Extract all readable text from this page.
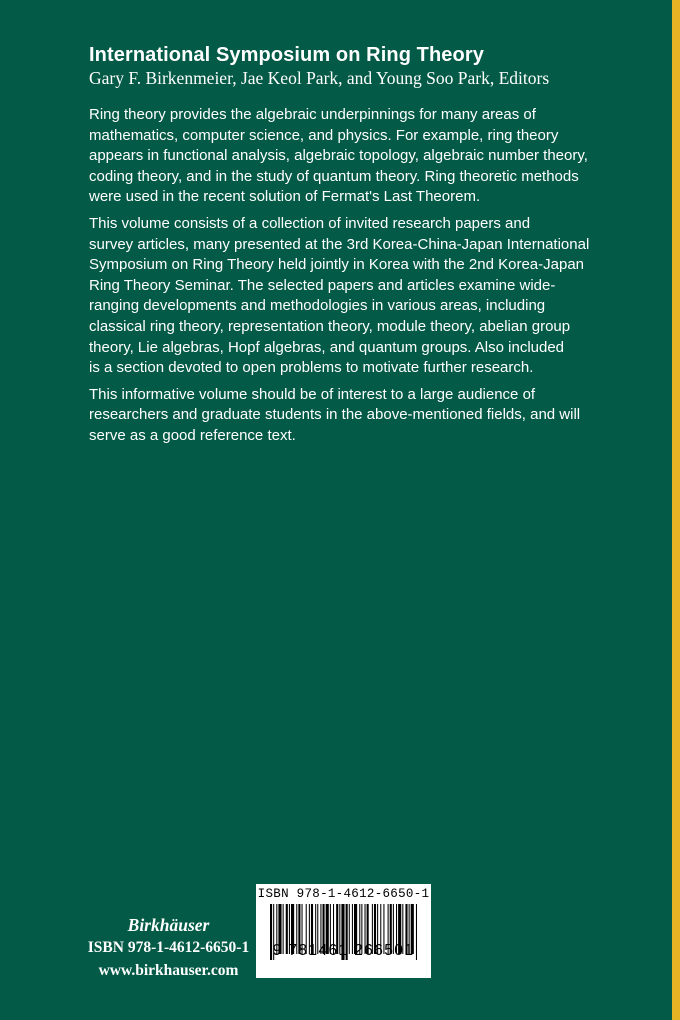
International Symposium on Ring Theory
Gary F. Birkenmeier, Jae Keol Park, and Young Soo Park, Editors

Ring theory provides the algebraic underpinnings for many areas of
mathematics, computer science, and physics. For example, ring theory
appears in functional analysis, algebraic topology, algebraic number theory,
coding theory, and in the study of quantum theory. Ring theoretic methods
were used in the recent solution of Fermat's Last Theorem.

This volume consists of a collection of invited research papers and
survey articles, many presented at the 3rd Korea-China-Japan International
Symposium on Ring Theory held jointly in Korea with the 2nd Korea-Japan
Ring Theory Seminar. The selected papers and articles examine wide-
ranging developments and methodologies in various areas, including
classical ring theory, representation theory, module theory, abelian group
theory, Lie algebras, Hopf algebras, and quantum groups. Also included
is a section devoted to open problems to motivate further research.

This informative volume should be of interest to a large audience of
researchers and graduate students in the above-mentioned fields, and will
serve as a good reference text.

Birkhäuser
ISBN 978-1-4612-6650-1
www.birkhauser.com
ISBN 978-1-4612-6650-1
9 781461 266501
